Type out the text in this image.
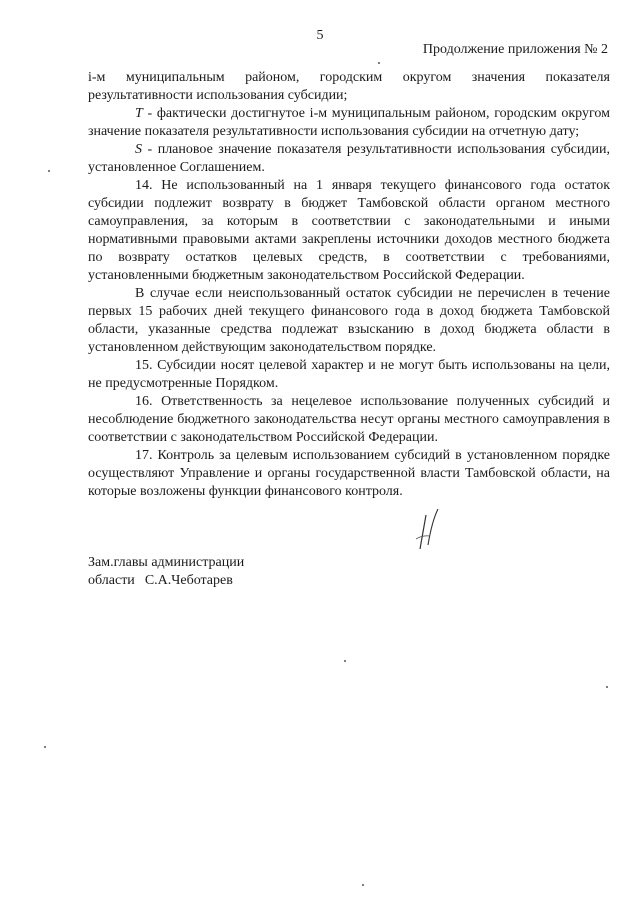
5
Продолжение приложения № 2

i-м муниципальным районом, городским округом значения показателя результативности использования субсидии;

T - фактически достигнутое i-м муниципальным районом, городским округом значение показателя результативности использования субсидии на отчетную дату;

S - плановое значение показателя результативности использования субсидии, установленное Соглашением.

14. Не использованный на 1 января текущего финансового года остаток субсидии подлежит возврату в бюджет Тамбовской области органом местного самоуправления, за которым в соответствии с законодательными и иными нормативными правовыми актами закреплены источники доходов местного бюджета по возврату остатков целевых средств, в соответствии с требованиями, установленными бюджетным законодательством Российской Федерации.

В случае если неиспользованный остаток субсидии не перечислен в течение первых 15 рабочих дней текущего финансового года в доход бюджета Тамбовской области, указанные средства подлежат взысканию в доход бюджета области в установленном действующим законодательством порядке.

15. Субсидии носят целевой характер и не могут быть использованы на цели, не предусмотренные Порядком.

16. Ответственность за нецелевое использование полученных субсидий и несоблюдение бюджетного законодательства несут органы местного самоуправления в соответствии с законодательством Российской Федерации.

17. Контроль за целевым использованием субсидий в установленном порядке осуществляют Управление и органы государственной власти Тамбовской области, на которые возложены функции финансового контроля.

Зам.главы администрации
области С.А.Чеботарев
